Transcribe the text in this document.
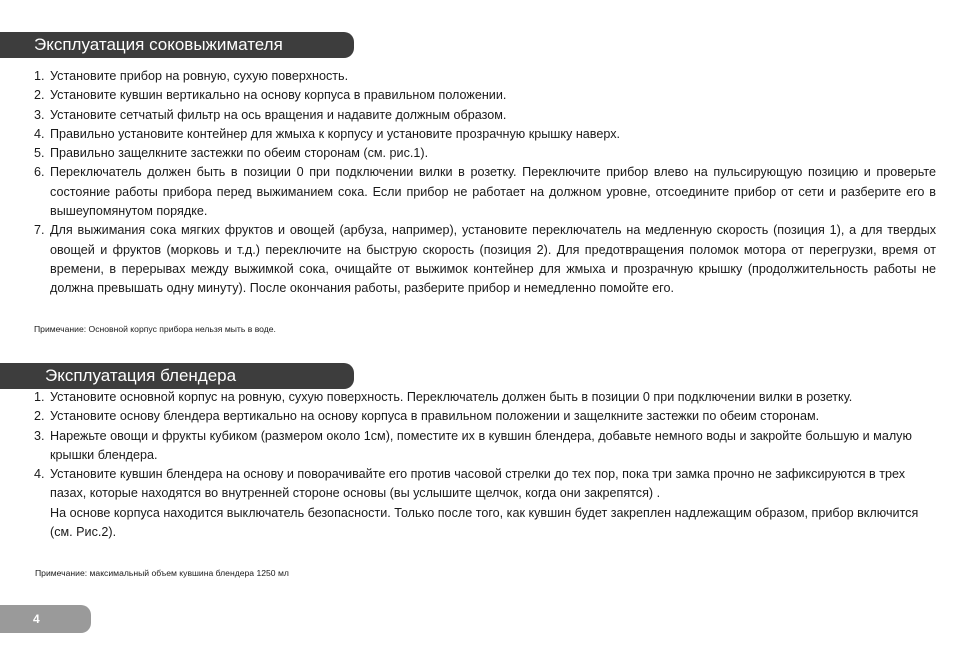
Эксплуатация соковыжимателя
1. Установите прибор на ровную, сухую поверхность.
2. Установите кувшин вертикально на основу корпуса в правильном положении.
3. Установите сетчатый фильтр на ось вращения и надавите должным образом.
4. Правильно установите контейнер для жмыха к корпусу и установите прозрачную крышку наверх.
5. Правильно защелкните застежки по обеим сторонам (см. рис.1).
6. Переключатель должен быть в позиции 0 при подключении вилки в розетку. Переключите прибор влево на пульсирующую позицию и проверьте состояние работы прибора перед выжиманием сока. Если прибор не работает на должном уровне, отсоедините прибор от сети и разберите его в вышеупомянутом порядке.
7. Для выжимания сока мягких фруктов и овощей (арбуза, например), установите переключатель на медленную скорость (позиция 1), а для твердых овощей и фруктов (морковь и т.д.) переключите на быструю скорость (позиция 2). Для предотвращения поломок мотора от перегрузки, время от времени, в перерывах между выжимкой сока, очищайте от выжимок контейнер для жмыха и прозрачную крышку (продолжительность работы не должна превышать одну минуту). После окончания работы, разберите прибор и немедленно помойте его.
Примечание: Основной корпус прибора нельзя мыть в воде.
Эксплуатация блендера
1. Установите основной корпус на ровную, сухую поверхность. Переключатель должен быть в позиции 0 при подключении вилки в розетку.
2. Установите основу блендера вертикально на основу корпуса в правильном положении и защелкните застежки по обеим сторонам.
3. Нарежьте овощи и фрукты кубиком (размером около 1см), поместите их в кувшин блендера, добавьте немного воды и закройте большую и малую крышки блендера.
4. Установите кувшин блендера на основу и поворачивайте его против часовой стрелки до тех пор, пока три замка прочно не зафиксируются в трех пазах, которые находятся во внутренней стороне основы (вы услышите щелчок, когда они закрепятся) .
На основе корпуса находится выключатель безопасности. Только после того, как кувшин будет закреплен надлежащим образом, прибор включится (см. Рис.2).
Примечание: максимальный объем кувшина блендера 1250 мл
4
